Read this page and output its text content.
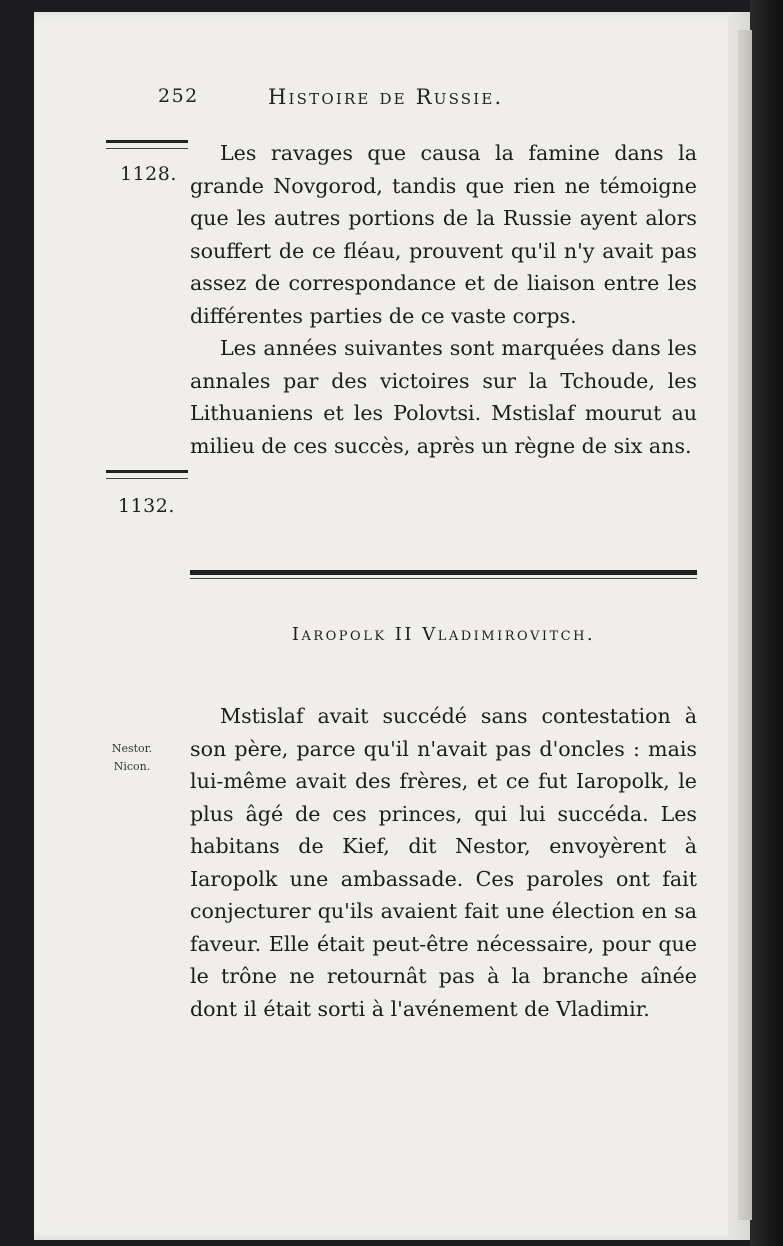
252	Histoire de Russie.
1128.
1132.
Nestor.
Nicon.

Les ravages que causa la famine dans la grande Novgorod, tandis que rien ne témoigne que les autres portions de la Russie ayent alors souffert de ce fléau, prouvent qu'il n'y avait pas assez de correspondance et de liaison entre les différentes parties de ce vaste corps.

Les années suivantes sont marquées dans les annales par des victoires sur la Tchoude, les Lithuaniens et les Polovtsi. Mstislaf mourut au milieu de ces succès, après un règne de six ans.

Iaropolk II Vladimirovitch.

Mstislaf avait succédé sans contestation à son père, parce qu'il n'avait pas d'oncles : mais lui-même avait des frères, et ce fut Iaropolk, le plus âgé de ces princes, qui lui succéda. Les habitans de Kief, dit Nestor, envoyèrent à Iaropolk une ambassade. Ces paroles ont fait conjecturer qu'ils avaient fait une élection en sa faveur. Elle était peut-être nécessaire, pour que le trône ne retournât pas à la branche aînée dont il était sorti à l'avénement de Vladimir.
